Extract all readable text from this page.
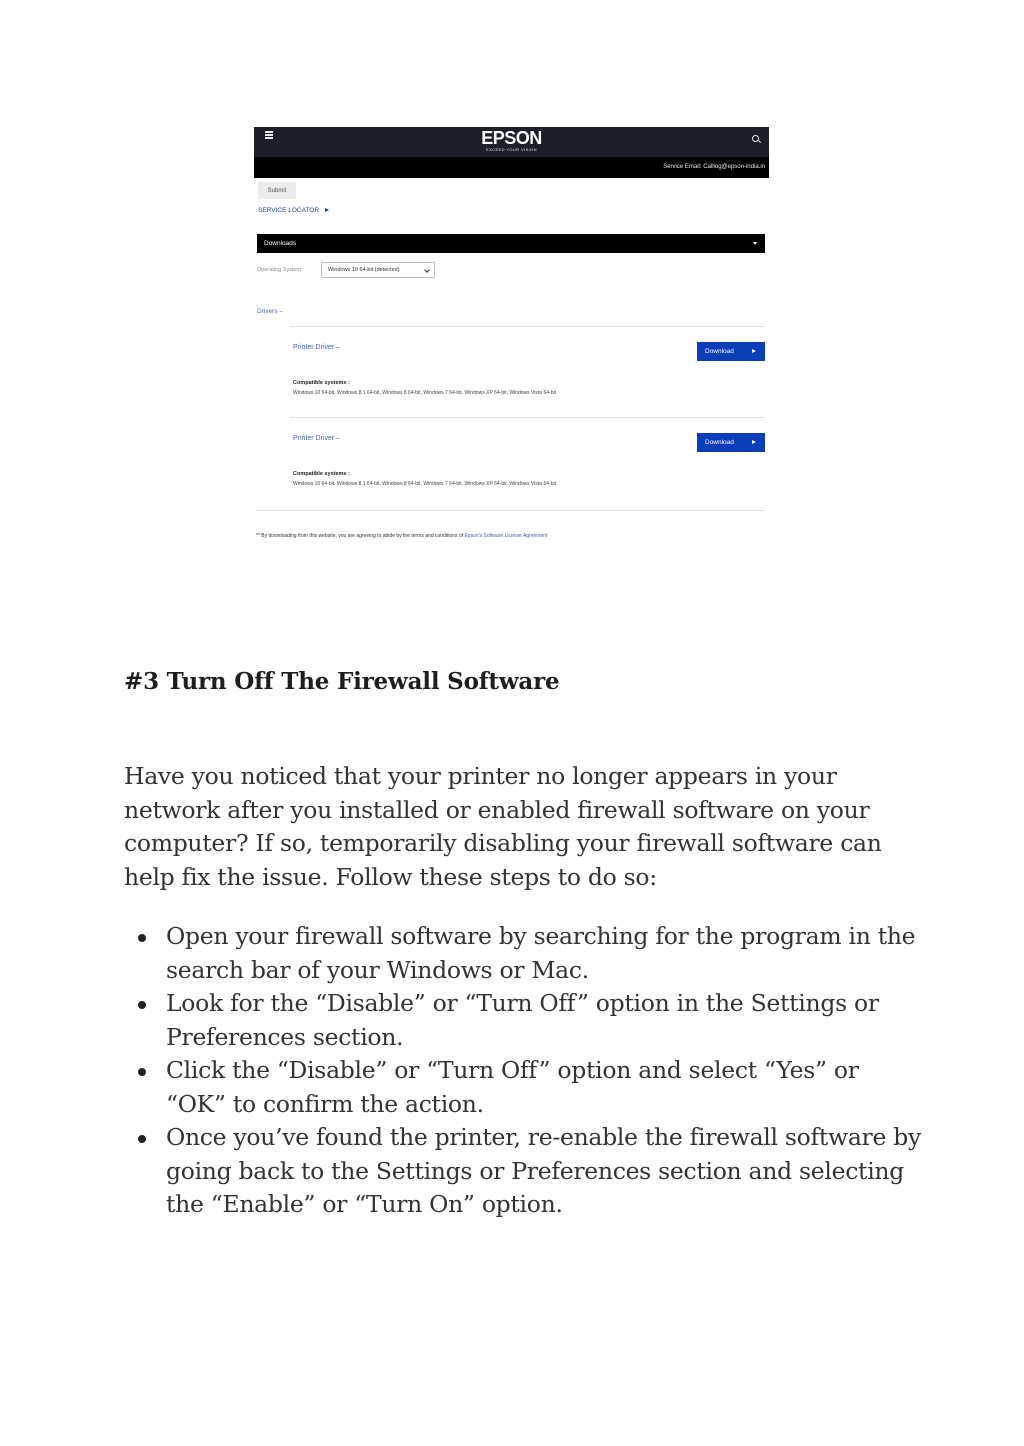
EPSON
EXCEED YOUR VISION
Service Email: Calllog@epson-india.in
Submit
SERVICE LOCATOR
Downloads
Operating System:	Windows 10 64-bit (detected)
Drivers –
Printer Driver –
Download
Compatible systems :
Windows 10 64-bit, Windows 8.1 64-bit, Windows 8 64-bit, Windows 7 64-bit, Windows XP 64-bit, Windows Vista 64-bit
Printer Driver –
Download
Compatible systems :
Windows 10 64-bit, Windows 8.1 64-bit, Windows 8 64-bit, Windows 7 64-bit, Windows XP 64-bit, Windows Vista 64-bit
** By downloading from this website, you are agreeing to abide by the terms and conditions of Epson's Software License Agreement
#3 Turn Off The Firewall Software

Have you noticed that your printer no longer appears in your network after you installed or enabled firewall software on your computer? If so, temporarily disabling your firewall software can help fix the issue. Follow these steps to do so:

Open your firewall software by searching for the program in the search bar of your Windows or Mac.
Look for the “Disable” or “Turn Off” option in the Settings or Preferences section.
Click the “Disable” or “Turn Off” option and select “Yes” or “OK” to confirm the action.
Once you’ve found the printer, re-enable the firewall software by going back to the Settings or Preferences section and selecting the “Enable” or “Turn On” option.
